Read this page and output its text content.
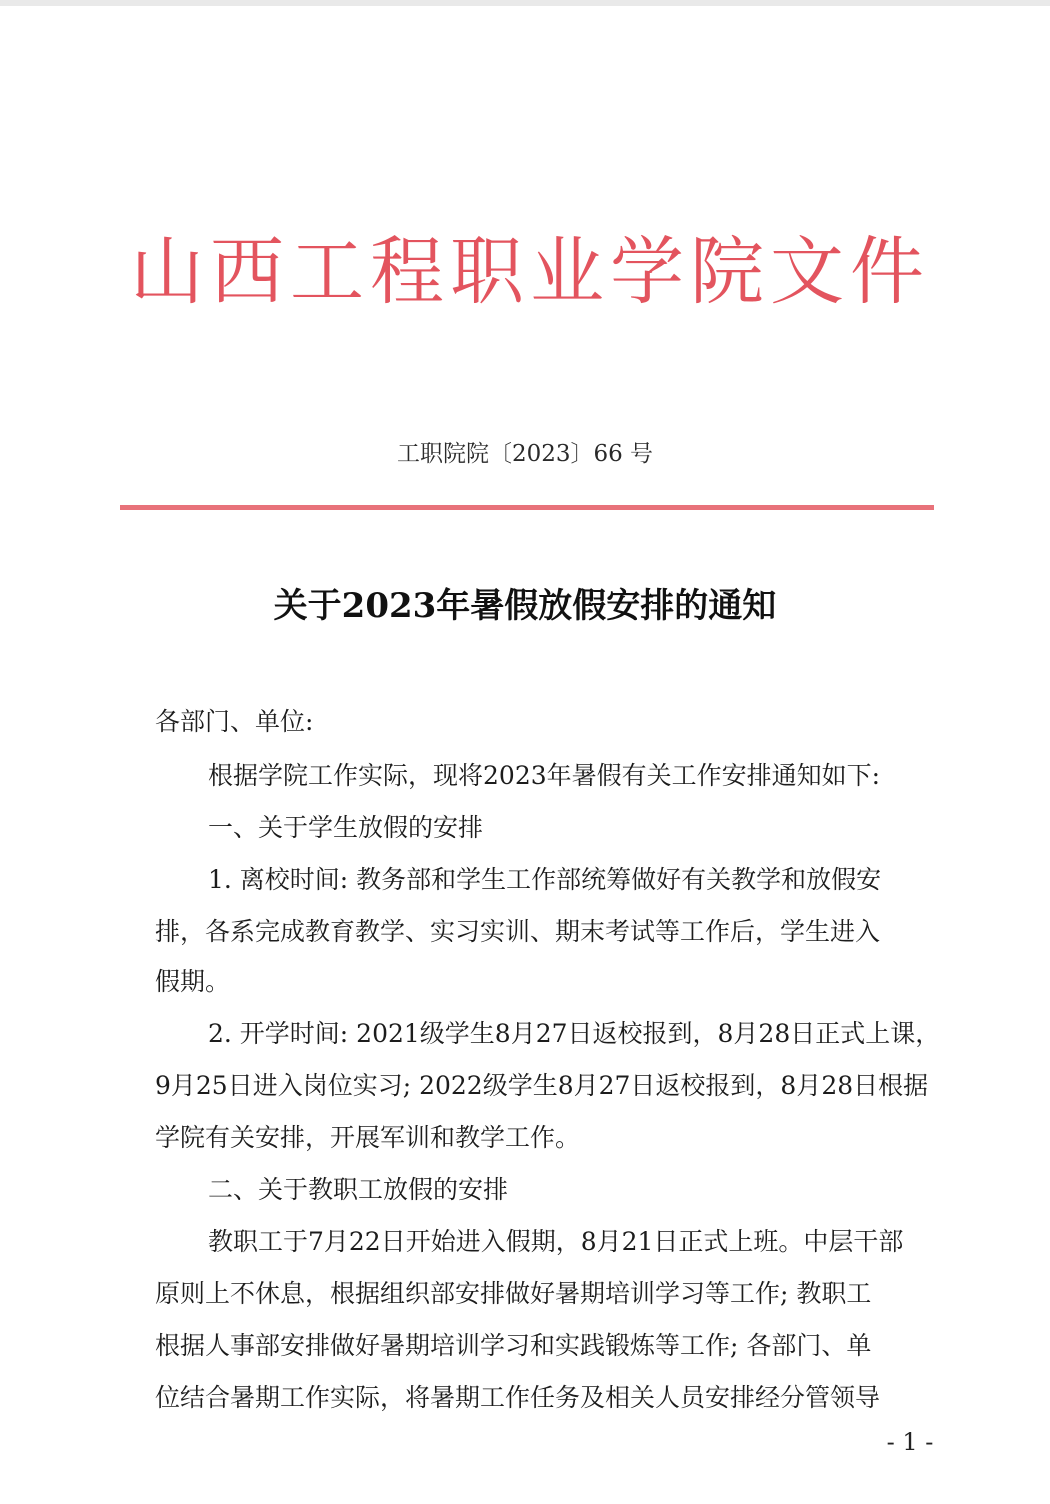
山西工程职业学院文件
工职院院〔2023〕66 号
关于2023年暑假放假安排的通知
各部门、单位:
根据学院工作实际，现将2023年暑假有关工作安排通知如下:
一、关于学生放假的安排
1. 离校时间: 教务部和学生工作部统筹做好有关教学和放假安
排，各系完成教育教学、实习实训、期末考试等工作后，学生进入
假期。
2. 开学时间: 2021级学生8月27日返校报到，8月28日正式上课，
9月25日进入岗位实习; 2022级学生8月27日返校报到，8月28日根据
学院有关安排，开展军训和教学工作。
二、关于教职工放假的安排
教职工于7月22日开始进入假期，8月21日正式上班。中层干部
原则上不休息，根据组织部安排做好暑期培训学习等工作; 教职工
根据人事部安排做好暑期培训学习和实践锻炼等工作; 各部门、单
位结合暑期工作实际，将暑期工作任务及相关人员安排经分管领导
- 1 -
